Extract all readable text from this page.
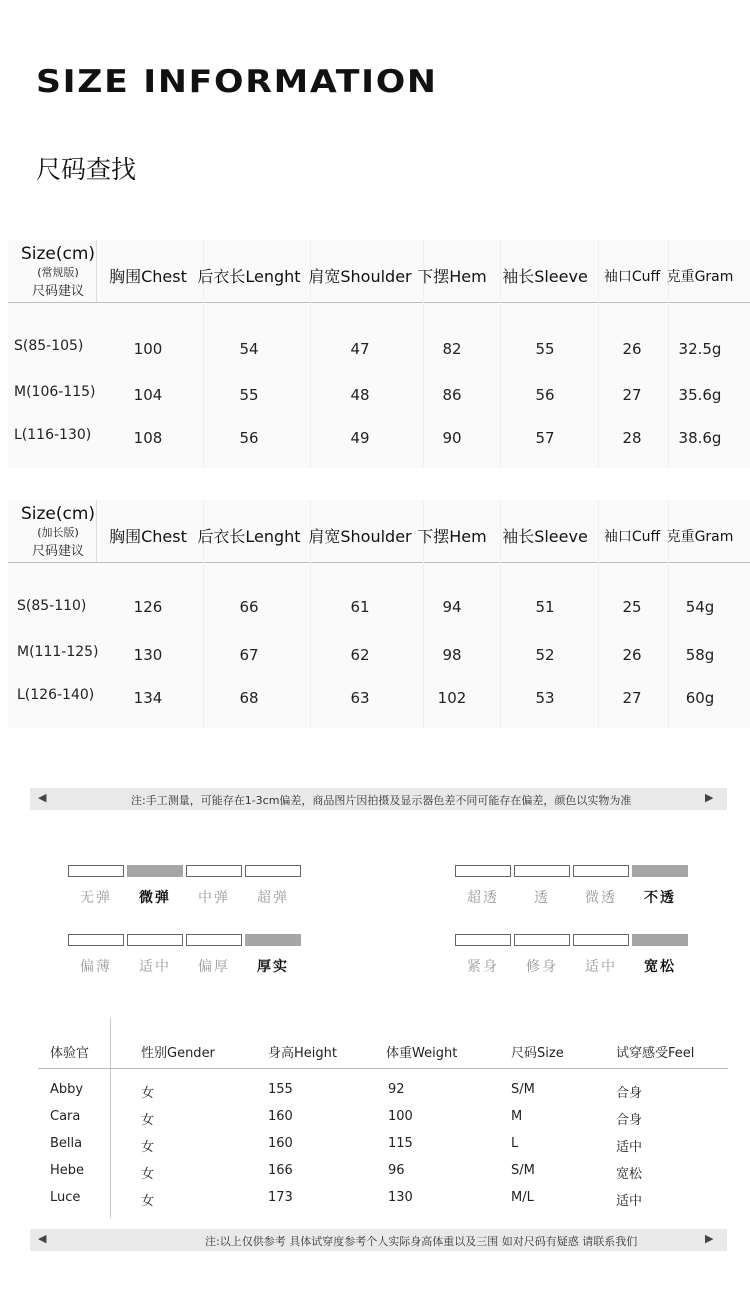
SIZE INFORMATION
尺码查找
Size(cm)
(常规版)
尺码建议
胸围Chest 后衣长Lenght 肩宽Shoulder 下摆Hem 袖长Sleeve	袖口Cuff 克重Gram
S(85-105)	100	54	47	82	55	26	32.5g
M(106-115)	104	55	48	86	56	27	35.6g
L(116-130)	108	56	49	90	57	28	38.6g
Size(cm)
(加长版)
尺码建议
胸围Chest 后衣长Lenght 肩宽Shoulder 下摆Hem 袖长Sleeve	袖口Cuff 克重Gram
S(85-110)	126	66	61	94	51	25	54g
M(111-125)	130	67	62	98	52	26	58g
L(126-140)	134	68	63	102	53	27	60g
◀	注:手工测量，可能存在1-3cm偏差，商品图片因拍摄及显示器色差不同可能存在偏差，颜色以实物为准	▶
无弹	微弹	中弹	超弹	超透	透	微透	不透
偏薄	适中	偏厚	厚实	紧身	修身	适中	宽松
体验官	性别Gender	身高Height	体重Weight	尺码Size	试穿感受Feel
Abby	女	155	92	S/M	合身
Cara	女	160	100	M	合身
Bella	女	160	115	L	适中
Hebe	女	166	96	S/M	宽松
Luce	女	173	130	M/L	适中
◀	注:以上仅供参考 具体试穿度参考个人实际身高体重以及三围 如对尺码有疑惑 请联系我们	▶
